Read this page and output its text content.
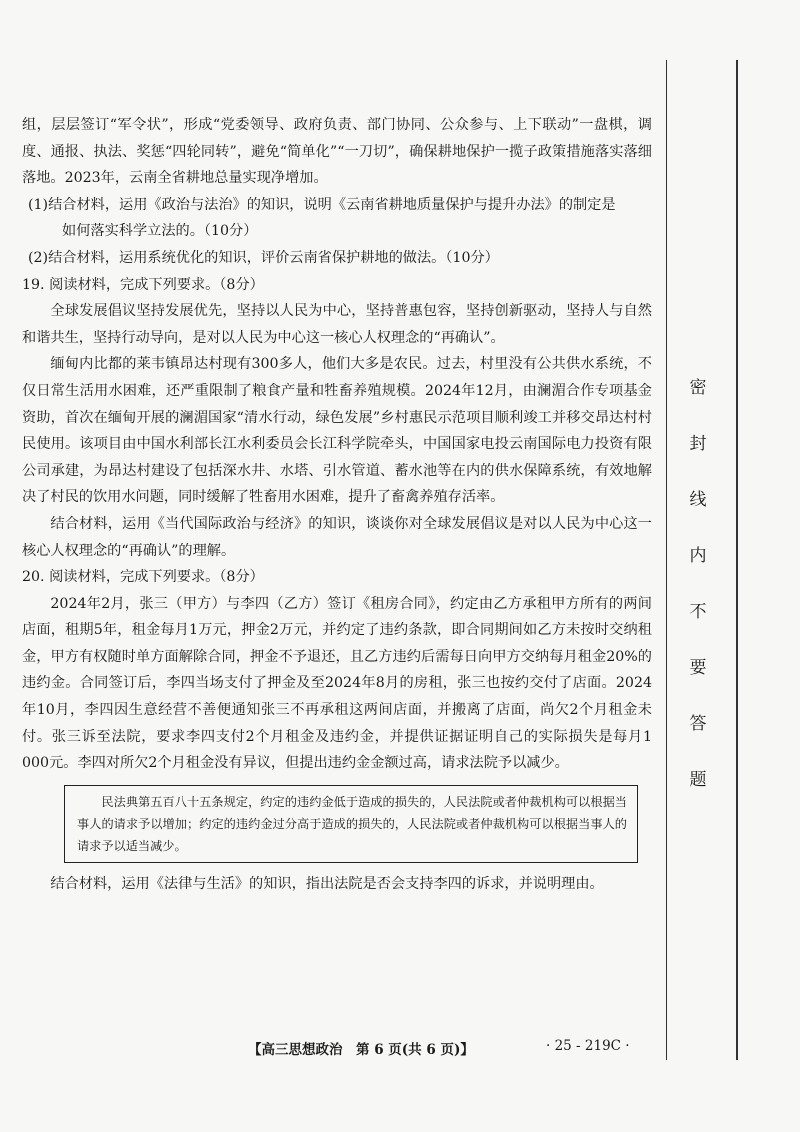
组，层层签订“军令状”，形成“党委领导、政府负责、部门协同、公众参与、上下联动”一盘棋，调度、通报、执法、奖惩“四轮同转”，避免“简单化”“一刀切”，确保耕地保护一揽子政策措施落实落细落地。2023年，云南全省耕地总量实现净增加。

(1)结合材料，运用《政治与法治》的知识，说明《云南省耕地质量保护与提升办法》的制定是
如何落实科学立法的。（10分）

(2)结合材料，运用系统优化的知识，评价云南省保护耕地的做法。（10分）

19. 阅读材料，完成下列要求。（8分）

全球发展倡议坚持发展优先，坚持以人民为中心，坚持普惠包容，坚持创新驱动，坚持人与自然和谐共生，坚持行动导向，是对以人民为中心这一核心人权理念的“再确认”。

缅甸内比都的莱韦镇昂达村现有300多人，他们大多是农民。过去，村里没有公共供水系统，不仅日常生活用水困难，还严重限制了粮食产量和牲畜养殖规模。2024年12月，由澜湄合作专项基金资助，首次在缅甸开展的澜湄国家“清水行动，绿色发展”乡村惠民示范项目顺利竣工并移交昂达村村民使用。该项目由中国水利部长江水利委员会长江科学院牵头，中国国家电投云南国际电力投资有限公司承建，为昂达村建设了包括深水井、水塔、引水管道、蓄水池等在内的供水保障系统，有效地解决了村民的饮用水问题，同时缓解了牲畜用水困难，提升了畜禽养殖存活率。

结合材料，运用《当代国际政治与经济》的知识，谈谈你对全球发展倡议是对以人民为中心这一核心人权理念的“再确认”的理解。

20. 阅读材料，完成下列要求。（8分）

2024年2月，张三（甲方）与李四（乙方）签订《租房合同》，约定由乙方承租甲方所有的两间店面，租期5年，租金每月1万元，押金2万元，并约定了违约条款，即合同期间如乙方未按时交纳租金，甲方有权随时单方面解除合同，押金不予退还，且乙方违约后需每日向甲方交纳每月租金20%的违约金。合同签订后，李四当场支付了押金及至2024年8月的房租，张三也按约交付了店面。2024年10月，李四因生意经营不善便通知张三不再承租这两间店面，并搬离了店面，尚欠2个月租金未付。张三诉至法院，要求李四支付2个月租金及违约金，并提供证据证明自己的实际损失是每月1 000元。李四对所欠2个月租金没有异议，但提出违约金金额过高，请求法院予以减少。

民法典第五百八十五条规定，约定的违约金低于造成的损失的，人民法院或者仲裁机构可以根据当事人的请求予以增加；约定的违约金过分高于造成的损失的，人民法院或者仲裁机构可以根据当事人的请求予以适当减少。

结合材料，运用《法律与生活》的知识，指出法院是否会支持李四的诉求，并说明理由。

密
封
线
内
不
要
答
题
【高三思想政治　第 6 页(共 6 页)】	· 25 - 219C ·
